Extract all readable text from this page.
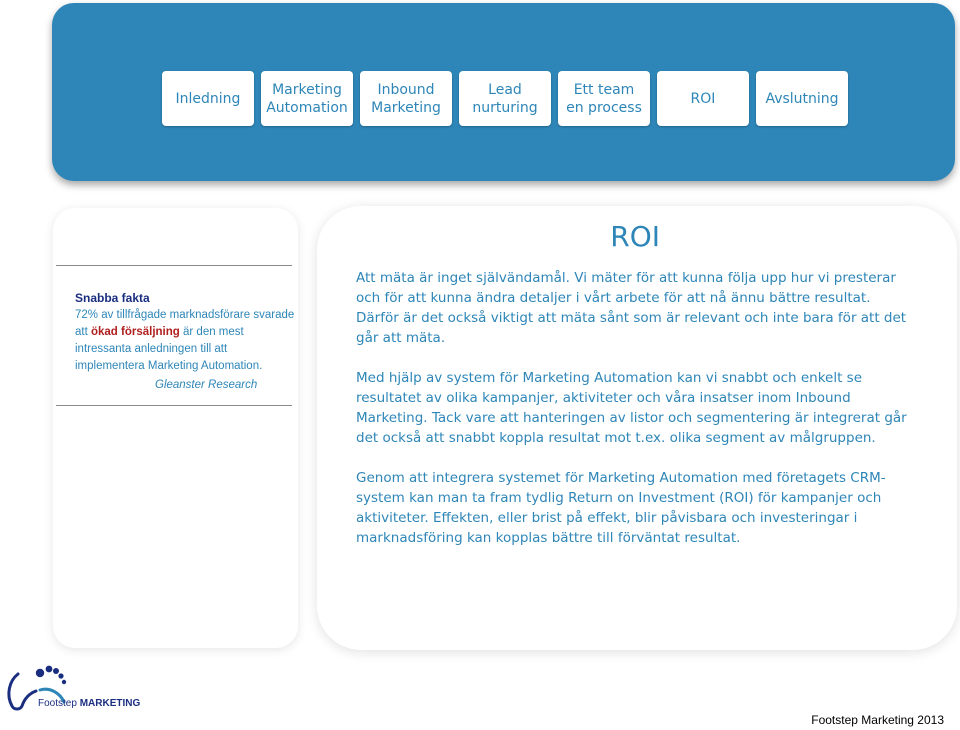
Inledning
Marketing
Automation
Inbound
Marketing
Lead
nurturing
Ett team
en process
ROI	Avslutning
Snabba fakta
72% av tillfrågade marknadsförare svarade att ökad försäljning är den mest intressanta anledningen till att implementera Marketing Automation.
Gleanster Research
ROI

Att mäta är inget självändamål. Vi mäter för att kunna följa upp hur vi presterar och för att kunna ändra detaljer i vårt arbete för att nå ännu bättre resultat. Därför är det också viktigt att mäta sånt som är relevant och inte bara för att det går att mäta.

Med hjälp av system för Marketing Automation kan vi snabbt och enkelt se resultatet av olika kampanjer, aktiviteter och våra insatser inom Inbound Marketing. Tack vare att hanteringen av listor och segmentering är integrerat går det också att snabbt koppla resultat mot t.ex. olika segment av målgruppen.

Genom att integrera systemet för Marketing Automation med företagets CRM-system kan man ta fram tydlig Return on Investment (ROI) för kampanjer och aktiviteter. Effekten, eller brist på effekt, blir påvisbara och investeringar i marknadsföring kan kopplas bättre till förväntat resultat.

Footstep MARKETING
Footstep Marketing 2013
